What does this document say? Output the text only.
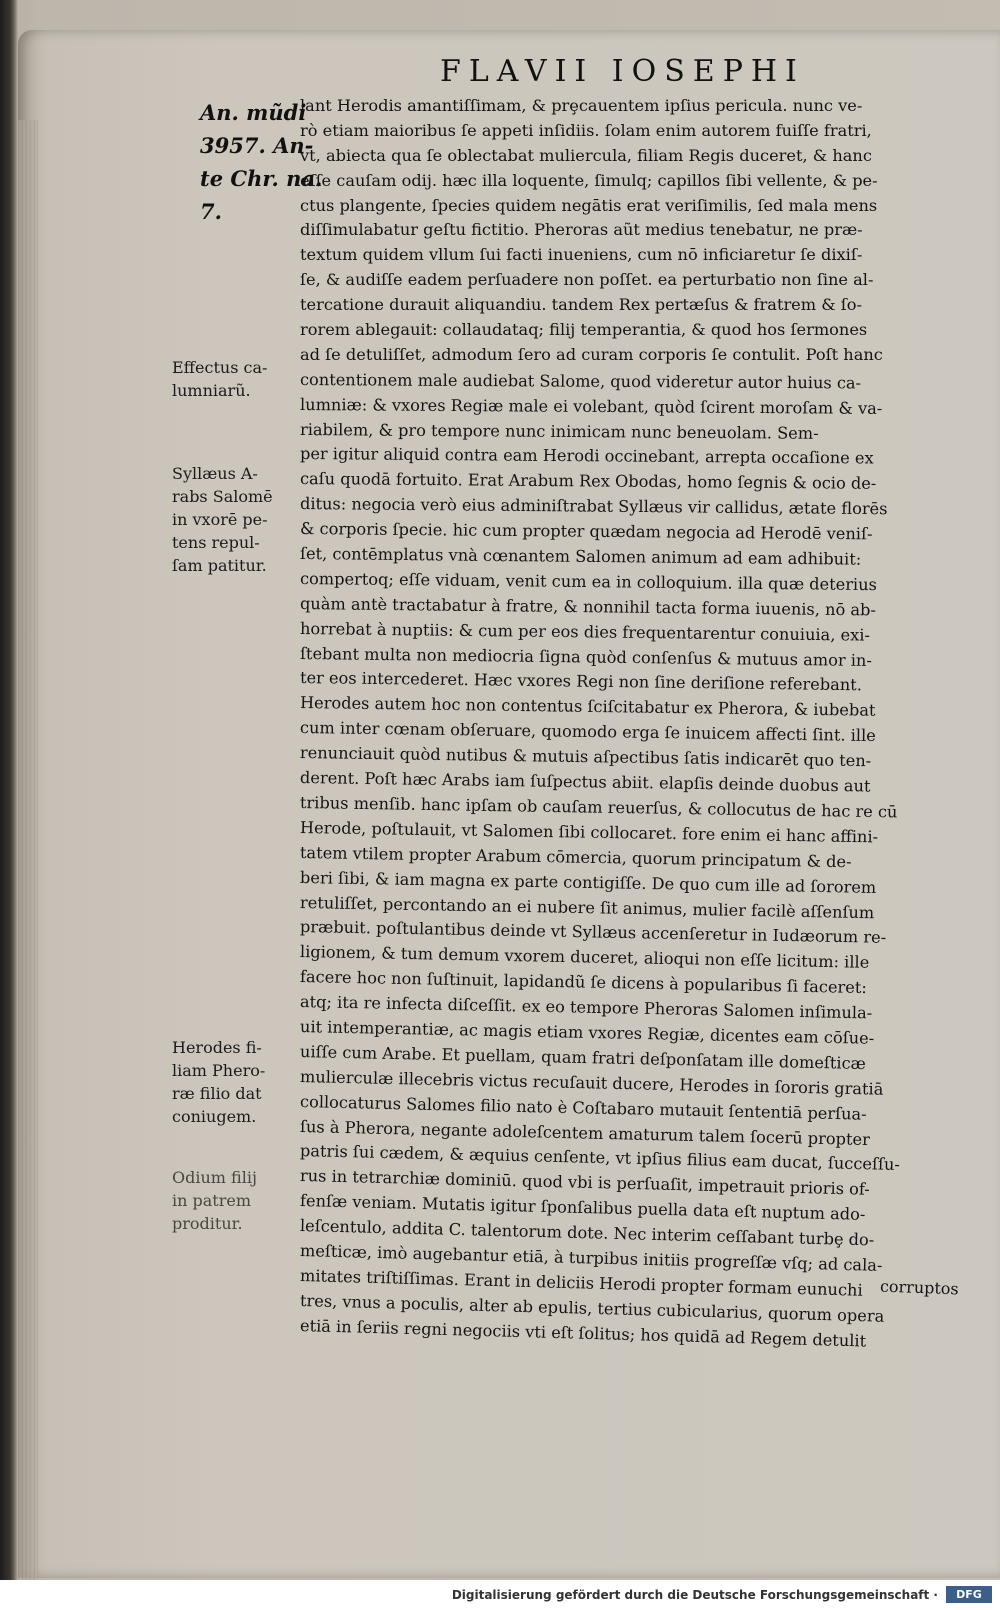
FLAVII IOSEPHI
An. mũdi
3957. An-
te Chr. na.
7.
Effectus ca-
lumniarũ.
Syllæus A-
rabs Salomē
in vxorē pe-
tens repul-
ſam patitur.
Herodes fi-
liam Phero-
ræ filio dat
coniugem.
Odium filij
in patrem
proditur.
lant Herodis amantiſſimam, & prȩcauentem ipſius pericula. nunc ve-
rò etiam maioribus ſe appeti inſidiis. ſolam enim autorem fuiſſe fratri,
vt, abiecta qua ſe oblectabat muliercula, filiam Regis duceret, & hanc
eſſe cauſam odij. hæc illa loquente, ſimulq; capillos ſibi vellente, & pe-
ctus plangente, ſpecies quidem negātis erat veriſimilis, ſed mala mens
diſſimulabatur geſtu fictitio. Pheroras aũt medius tenebatur, ne præ-
textum quidem vllum ſui facti inueniens, cum nō inficiaretur ſe dixiſ-
ſe, & audiſſe eadem perſuadere non poſſet. ea perturbatio non ſine al-
tercatione durauit aliquandiu. tandem Rex pertæſus & fratrem & ſo-
rorem ablegauit: collaudataq; filij temperantia, & quod hos ſermones
ad ſe detuliſſet, admodum ſero ad curam corporis ſe contulit. Poſt hanc
contentionem male audiebat Salome, quod videretur autor huius ca-
lumniæ: & vxores Regiæ male ei volebant, quòd ſcirent moroſam & va-
riabilem, & pro tempore nunc inimicam nunc beneuolam. Sem-
per igitur aliquid contra eam Herodi occinebant, arrepta occaſione ex
caſu quodā fortuito. Erat Arabum Rex Obodas, homo ſegnis & ocio de-
ditus: negocia verò eius adminiſtrabat Syllæus vir callidus, ætate florēs
& corporis ſpecie. hic cum propter quædam negocia ad Herodē veniſ-
ſet, contēmplatus vnà cœnantem Salomen animum ad eam adhibuit:
compertoq; eſſe viduam, venit cum ea in colloquium. illa quæ deterius
quàm antè tractabatur à fratre, & nonnihil tacta forma iuuenis, nō ab-
horrebat à nuptiis: & cum per eos dies frequentarentur conuiuia, exi-
ſtebant multa non mediocria ſigna quòd conſenſus & mutuus amor in-
ter eos intercederet. Hæc vxores Regi non ſine deriſione referebant.
Herodes autem hoc non contentus ſciſcitabatur ex Pherora, & iubebat
cum inter cœnam obſeruare, quomodo erga ſe inuicem affecti ſint. ille
renunciauit quòd nutibus & mutuis aſpectibus ſatis indicarēt quo ten-
derent. Poſt hæc Arabs iam ſuſpectus abiit. elapſis deinde duobus aut
tribus menſib. hanc ipſam ob cauſam reuerſus, & collocutus de hac re cū
Herode, poſtulauit, vt Salomen ſibi collocaret. fore enim ei hanc affini-
tatem vtilem propter Arabum cōmercia, quorum principatum & de-
beri ſibi, & iam magna ex parte contigiſſe. De quo cum ille ad ſororem
retuliſſet, percontando an ei nubere ſit animus, mulier facilè aſſenſum
præbuit. poſtulantibus deinde vt Syllæus accenſeretur in Iudæorum re-
ligionem, & tum demum vxorem duceret, alioqui non eſſe licitum: ille
facere hoc non ſuſtinuit, lapidandũ ſe dicens à popularibus ſi faceret:
atq; ita re infecta diſceſſit. ex eo tempore Pheroras Salomen inſimula-
uit intemperantiæ, ac magis etiam vxores Regiæ, dicentes eam cōſue-
uiſſe cum Arabe. Et puellam, quam fratri deſponſatam ille domeſticæ
mulierculæ illecebris victus recuſauit ducere, Herodes in ſororis gratiā
collocaturus Salomes filio nato è Coſtabaro mutauit ſententiā perſua-
ſus à Pherora, negante adoleſcentem amaturum talem ſocerū propter
patris ſui cædem, & æquius cenſente, vt ipſius filius eam ducat, ſucceſſu-
rus in tetrarchiæ dominiū. quod vbi is perſuaſit, impetrauit prioris of-
fenſæ veniam. Mutatis igitur ſponſalibus puella data eſt nuptum ado-
leſcentulo, addita C. talentorum dote. Nec interim ceſſabant turbȩ do-
meſticæ, imò augebantur etiā, à turpibus initiis progreſſæ vſq; ad cala-
mitates triſtiſſimas. Erant in deliciis Herodi propter formam eunuchi
tres, vnus a poculis, alter ab epulis, tertius cubicularius, quorum opera
etiā in ſeriis regni negociis vti eſt ſolitus; hos quidā ad Regem detulit
corruptos
Digitalisierung gefördert durch die Deutsche Forschungsgemeinschaft ·	DFG
